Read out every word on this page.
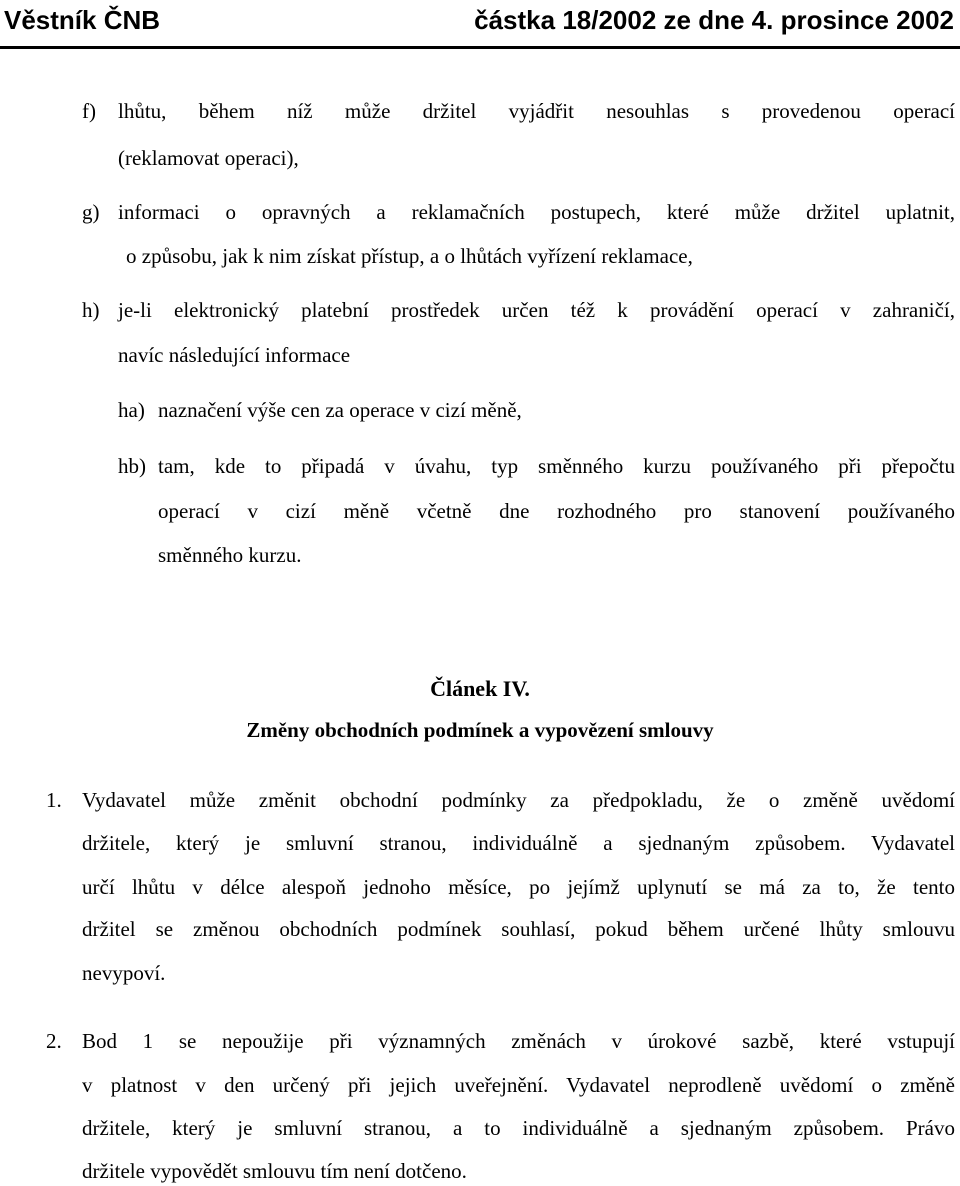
Věstník ČNB	částka 18/2002 ze dne 4. prosince 2002
f) lhůtu, během níž může držitel vyjádřit nesouhlas s provedenou operací
(reklamovat operaci),
g) informaci o opravných a reklamačních postupech, které může držitel uplatnit,
o způsobu, jak k nim získat přístup, a o lhůtách vyřízení reklamace,
h) je-li elektronický platební prostředek určen též k provádění operací v zahraničí,
navíc následující informace
ha) naznačení výše cen za operace v cizí měně,
hb) tam, kde to připadá v úvahu, typ směnného kurzu používaného při přepočtu
operací v cizí měně včetně dne rozhodného pro stanovení používaného
směnného kurzu.
Článek IV.
Změny obchodních podmínek a vypovězení smlouvy
1. Vydavatel může změnit obchodní podmínky za předpokladu, že o změně uvědomí
držitele, který je smluvní stranou, individuálně a sjednaným způsobem. Vydavatel
určí lhůtu v délce alespoň jednoho měsíce, po jejímž uplynutí se má za to, že tento
držitel se změnou obchodních podmínek souhlasí, pokud během určené lhůty smlouvu
nevypoví.
2. Bod 1 se nepoužije při významných změnách v úrokové sazbě, které vstupují
v platnost v den určený při jejich uveřejnění. Vydavatel neprodleně uvědomí o změně
držitele, který je smluvní stranou, a to individuálně a sjednaným způsobem. Právo
držitele vypovědět smlouvu tím není dotčeno.
